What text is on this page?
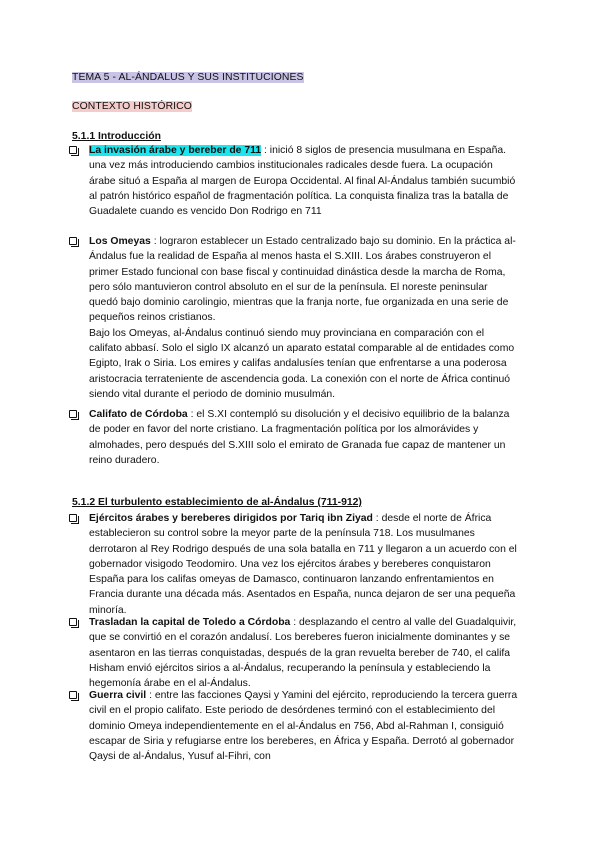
TEMA 5 - AL-ÁNDALUS Y SUS INSTITUCIONES
CONTEXTO HISTÓRICO
5.1.1 Introducción
La invasión árabe y bereber de 711 : inició 8 siglos de presencia musulmana en España. una vez más introduciendo cambios institucionales radicales desde fuera. La ocupación árabe situó a España al margen de Europa Occidental. Al final Al-Ándalus también sucumbió al patrón histórico español de fragmentación política. La conquista finaliza tras la batalla de Guadalete cuando es vencido Don Rodrigo en 711
Los Omeyas : lograron establecer un Estado centralizado bajo su dominio. En la práctica al-Ándalus fue la realidad de España al menos hasta el S.XIII. Los árabes construyeron el primer Estado funcional con base fiscal y continuidad dinástica desde la marcha de Roma, pero sólo mantuvieron control absoluto en el sur de la península. El noreste peninsular quedó bajo dominio carolingio, mientras que la franja norte, fue organizada en una serie de pequeños reinos cristianos.
Bajo los Omeyas, al-Ándalus continuó siendo muy provinciana en comparación con el califato abbasí. Solo el siglo IX alcanzó un aparato estatal comparable al de entidades como Egipto, Irak o Siria. Los emires y califas andalusíes tenían que enfrentarse a una poderosa aristocracia terrateniente de ascendencia goda. La conexión con el norte de África continuó siendo vital durante el periodo de dominio musulmán.
Califato de Córdoba : el S.XI contempló su disolución y el decisivo equilibrio de la balanza de poder en favor del norte cristiano. La fragmentación política por los almorávides y almohades, pero después del S.XIII solo el emirato de Granada fue capaz de mantener un reino duradero.
5.1.2 El turbulento establecimiento de al-Ándalus (711-912)
Ejércitos árabes y bereberes dirigidos por Tariq ibn Ziyad : desde el norte de África establecieron su control sobre la meyor parte de la península 718. Los musulmanes derrotaron al Rey Rodrigo después de una sola batalla en 711 y llegaron a un acuerdo con el gobernador visigodo Teodomiro. Una vez los ejércitos árabes y bereberes conquistaron España para los califas omeyas de Damasco, continuaron lanzando enfrentamientos en Francia durante una década más. Asentados en España, nunca dejaron de ser una pequeña minoría.
Trasladan la capital de Toledo a Córdoba : desplazando el centro al valle del Guadalquivir, que se convirtió en el corazón andalusí. Los bereberes fueron inicialmente dominantes y se asentaron en las tierras conquistadas, después de la gran revuelta bereber de 740, el califa Hisham envió ejércitos sirios a al-Ándalus, recuperando la península y estableciendo la hegemonía árabe en el al-Ándalus.
Guerra civil : entre las facciones Qaysi y Yamini del ejército, reproduciendo la tercera guerra civil en el propio califato. Este periodo de desórdenes terminó con el establecimiento del dominio Omeya independientemente en el al-Ándalus en 756, Abd al-Rahman I, consiguió escapar de Siria y refugiarse entre los bereberes, en África y España. Derrotó al gobernador Qaysi de al-Ándalus, Yusuf al-Fihri, con
